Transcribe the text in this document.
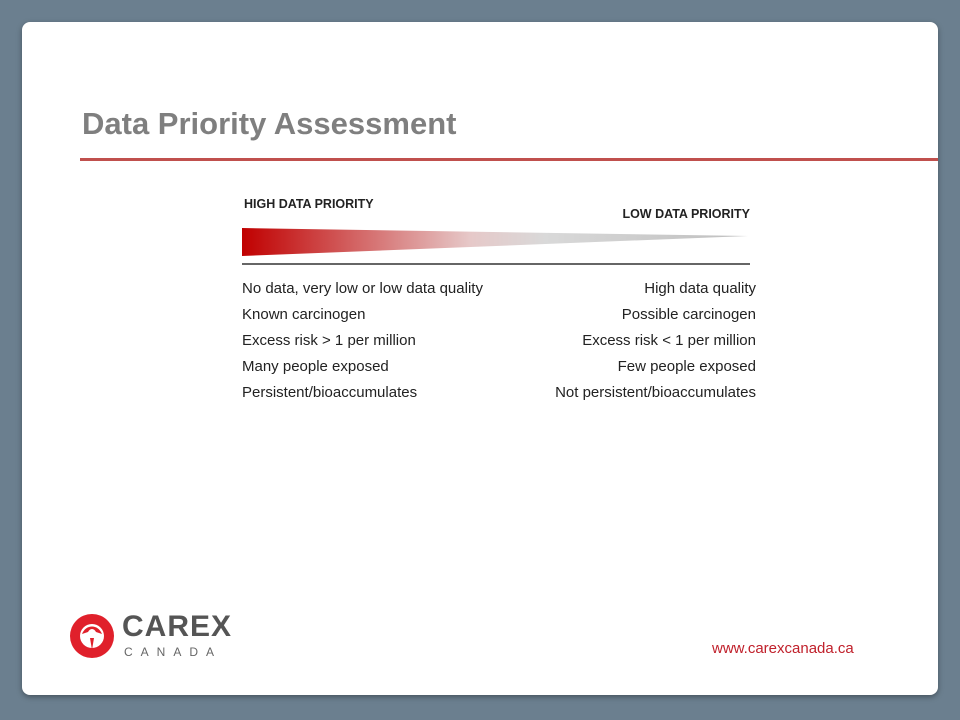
Data Priority Assessment
HIGH DATA PRIORITY
LOW DATA PRIORITY
No data, very low or low data quality	High data quality
Known carcinogen	Possible carcinogen
Excess risk > 1 per million	Excess risk < 1 per million
Many people exposed	Few people exposed
Persistent/bioaccumulates	Not persistent/bioaccumulates
CAREX
CANADA	www.carexcanada.ca
